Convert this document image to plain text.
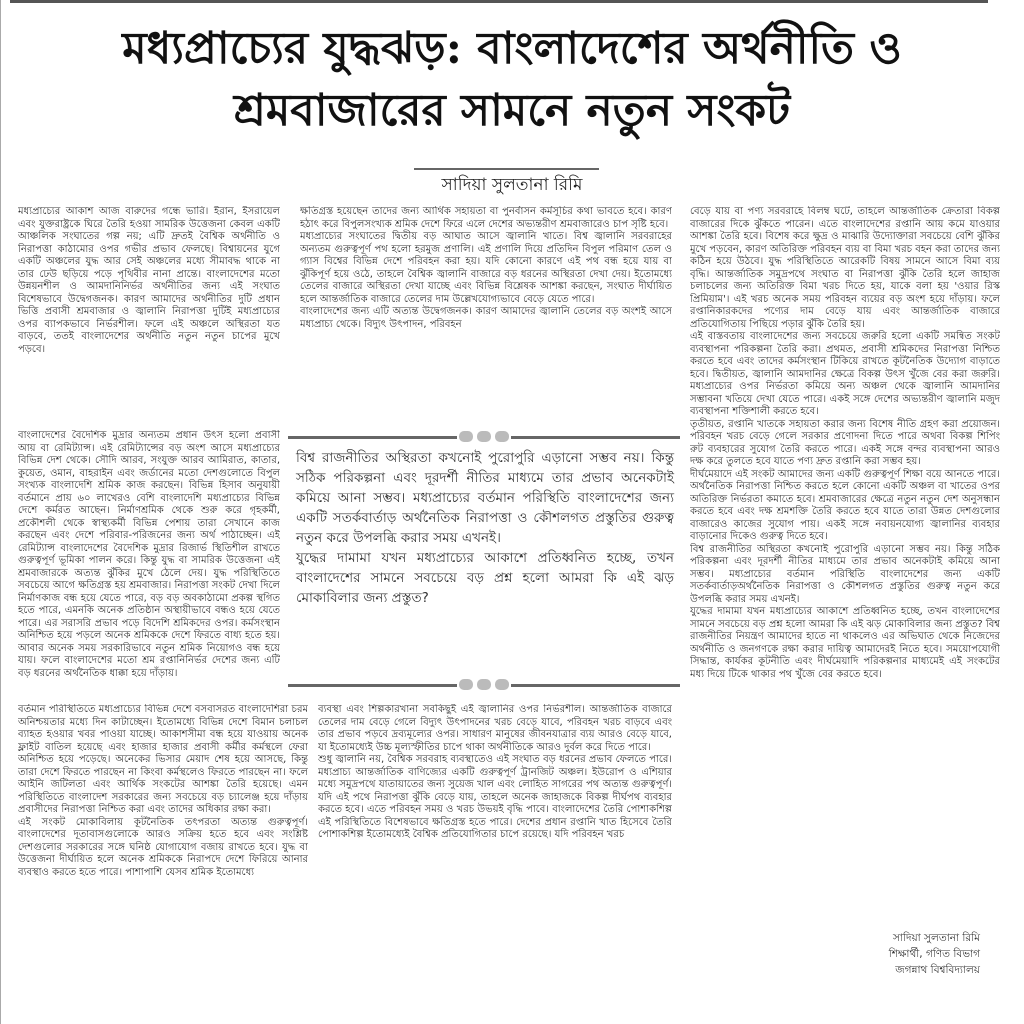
মধ্যপ্রাচ্যের যুদ্ধঝড়: বাংলাদেশের অর্থনীতি ও
শ্রমবাজারের সামনে নতুন সংকট
সাদিয়া সুলতানা রিমি

মধ্যপ্রাচ্যের আকাশ আজ বারুদের গন্ধে ভারি। ইরান, ইসরায়েল এবং যুক্তরাষ্ট্রকে ঘিরে তৈরি হওয়া সামরিক উত্তেজনা কেবল একটি আঞ্চলিক সংঘাতের গল্প নয়; এটি দ্রুতই বৈশ্বিক অর্থনীতি ও নিরাপত্তা কাঠামোর ওপর গভীর প্রভাব ফেলছে। বিশ্বায়নের যুগে একটি অঞ্চলের যুদ্ধ আর সেই অঞ্চলের মধ্যে সীমাবদ্ধ থাকে না তার ঢেউ ছড়িয়ে পড়ে পৃথিবীর নানা প্রান্তে। বাংলাদেশের মতো উন্নয়নশীল ও আমদানিনির্ভর অর্থনীতির জন্য এই সংঘাত বিশেষভাবে উদ্বেগজনক। কারণ আমাদের অর্থনীতির দুটি প্রধান ভিত্তি প্রবাসী শ্রমবাজার ও জ্বালানি নিরাপত্তা দুটিই মধ্যপ্রাচ্যের ওপর ব্যাপকভাবে নির্ভরশীল। ফলে এই অঞ্চলে অস্থিরতা যত বাড়বে, ততই বাংলাদেশের অর্থনীতি নতুন নতুন চাপের মুখে পড়বে।

বাংলাদেশের বৈদেশিক মুদ্রার অন্যতম প্রধান উৎস হলো প্রবাসী আয় বা রেমিট্যান্স। এই রেমিট্যান্সের বড় অংশ আসে মধ্যপ্রাচ্যের বিভিন্ন দেশ থেকে। সৌদি আরব, সংযুক্ত আরব আমিরাত, কাতার, কুয়েত, ওমান, বাহরাইন এবং জর্ডানের মতো দেশগুলোতে বিপুল সংখ্যক বাংলাদেশি শ্রমিক কাজ করছেন। বিভিন্ন হিসাব অনুযায়ী বর্তমানে প্রায় ৬০ লাখেরও বেশি বাংলাদেশি মধ্যপ্রাচ্যের বিভিন্ন দেশে কর্মরত আছেন। নির্মাণশ্রমিক থেকে শুরু করে গৃহকর্মী, প্রকৌশলী থেকে স্বাস্থ্যকর্মী বিভিন্ন পেশায় তারা সেখানে কাজ করছেন এবং দেশে পরিবার-পরিজনের জন্য অর্থ পাঠাচ্ছেন। এই রেমিট্যান্স বাংলাদেশের বৈদেশিক মুদ্রার রিজার্ভ স্থিতিশীল রাখতে গুরুত্বপূর্ণ ভূমিকা পালন করে। কিন্তু যুদ্ধ বা সামরিক উত্তেজনা এই শ্রমবাজারকে অত্যন্ত ঝুঁকির মুখে ঠেলে দেয়। যুদ্ধ পরিস্থিতিতে সবচেয়ে আগে ক্ষতিগ্রস্ত হয় শ্রমবাজার। নিরাপত্তা সংকট দেখা দিলে নির্মাণকাজ বন্ধ হয়ে যেতে পারে, বড় বড় অবকাঠামো প্রকল্প স্থগিত হতে পারে, এমনকি অনেক প্রতিষ্ঠান অস্থায়ীভাবে বন্ধও হয়ে যেতে পারে। এর সরাসরি প্রভাব পড়ে বিদেশি শ্রমিকদের ওপর। কর্মসংস্থান অনিশ্চিত হয়ে পড়লে অনেক শ্রমিককে দেশে ফিরতে বাধ্য হতে হয়। আবার অনেক সময় সরকারিভাবে নতুন শ্রমিক নিয়োগও বন্ধ হয়ে যায়। ফলে বাংলাদেশের মতো শ্রম রপ্তানিনির্ভর দেশের জন্য এটি বড় ধরনের অর্থনৈতিক ধাক্কা হয়ে দাঁড়ায়।

বর্তমান পরিস্থিতিতে মধ্যপ্রাচ্যের বিভিন্ন দেশে বসবাসরত বাংলাদেশিরা চরম অনিশ্চয়তার মধ্যে দিন কাটাচ্ছেন। ইতোমধ্যে বিভিন্ন দেশে বিমান চলাচল ব্যাহত হওয়ার খবর পাওয়া যাচ্ছে। আকাশসীমা বন্ধ হয়ে যাওয়ায় অনেক ফ্লাইট বাতিল হয়েছে এবং হাজার হাজার প্রবাসী কর্মীর কর্মস্থলে ফেরা অনিশ্চিত হয়ে পড়েছে। অনেকের ভিসার মেয়াদ শেষ হয়ে আসছে, কিন্তু তারা দেশে ফিরতে পারছেন না কিংবা কর্মস্থলেও ফিরতে পারছেন না। ফলে আইনি জটিলতা এবং আর্থিক সংকটের আশঙ্কা তৈরি হয়েছে। এমন পরিস্থিতিতে বাংলাদেশ সরকারের জন্য সবচেয়ে বড় চ্যালেঞ্জ হয়ে দাঁড়ায় প্রবাসীদের নিরাপত্তা নিশ্চিত করা এবং তাদের অধিকার রক্ষা করা।

এই সংকট মোকাবিলায় কূটনৈতিক তৎপরতা অত্যন্ত গুরুত্বপূর্ণ। বাংলাদেশের দূতাবাসগুলোকে আরও সক্রিয় হতে হবে এবং সংশ্লিষ্ট দেশগুলোর সরকারের সঙ্গে ঘনিষ্ঠ যোগাযোগ বজায় রাখতে হবে। যুদ্ধ বা উত্তেজনা দীর্ঘায়িত হলে অনেক শ্রমিককে নিরাপদে দেশে ফিরিয়ে আনার ব্যবস্থাও করতে হতে পারে। পাশাপাশি যেসব শ্রমিক ইতোমধ্যে

ক্ষতিগ্রস্ত হয়েছেন তাদের জন্য আর্থিক সহায়তা বা পুনর্বাসন কর্মসূচির কথা ভাবতে হবে। কারণ হঠাৎ করে বিপুলসংখ্যক শ্রমিক দেশে ফিরে এলে দেশের অভ্যন্তরীণ শ্রমবাজারেও চাপ সৃষ্টি হবে।

মধ্যপ্রাচ্যের সংঘাতের দ্বিতীয় বড় আঘাত আসে জ্বালানি খাতে। বিশ্ব জ্বালানি সরবরাহের অন্যতম গুরুত্বপূর্ণ পথ হলো হরমুজ প্রণালি। এই প্রণালি দিয়ে প্রতিদিন বিপুল পরিমাণ তেল ও গ্যাস বিশ্বের বিভিন্ন দেশে পরিবহন করা হয়। যদি কোনো কারণে এই পথ বন্ধ হয়ে যায় বা ঝুঁকিপূর্ণ হয়ে ওঠে, তাহলে বৈশ্বিক জ্বালানি বাজারে বড় ধরনের অস্থিরতা দেখা দেয়। ইতোমধ্যে তেলের বাজারে অস্থিরতা দেখা যাচ্ছে এবং বিভিন্ন বিশ্লেষক আশঙ্কা করছেন, সংঘাত দীর্ঘায়িত হলে আন্তর্জাতিক বাজারে তেলের দাম উল্লেখযোগ্যভাবে বেড়ে যেতে পারে।

বাংলাদেশের জন্য এটি অত্যন্ত উদ্বেগজনক। কারণ আমাদের জ্বালানি তেলের বড় অংশই আসে মধ্যপ্রাচ্য থেকে। বিদ্যুৎ উৎপাদন, পরিবহন

বিশ্ব রাজনীতির অস্থিরতা কখনোই পুরোপুরি এড়ানো সম্ভব নয়। কিন্তু সঠিক পরিকল্পনা এবং দূরদর্শী নীতির মাধ্যমে তার প্রভাব অনেকটাই কমিয়ে আনা সম্ভব। মধ্যপ্রাচ্যের বর্তমান পরিস্থিতি বাংলাদেশের জন্য একটি সতর্কবার্তাড় অর্থনৈতিক নিরাপত্তা ও কৌশলগত প্রস্তুতির গুরুত্ব নতুন করে উপলব্ধি করার সময় এখনই।

যুদ্ধের দামামা যখন মধ্যপ্রাচ্যের আকাশে প্রতিধ্বনিত হচ্ছে, তখন বাংলাদেশের সামনে সবচেয়ে বড় প্রশ্ন হলো আমরা কি এই ঝড় মোকাবিলার জন্য প্রস্তুত?

ব্যবস্থা এবং শিল্পকারখানা সবকিছুই এই জ্বালানির ওপর নির্ভরশীল। আন্তর্জাতিক বাজারে তেলের দাম বেড়ে গেলে বিদ্যুৎ উৎপাদনের খরচ বেড়ে যাবে, পরিবহন খরচ বাড়বে এবং তার প্রভাব পড়বে দ্রব্যমূল্যের ওপর। সাধারণ মানুষের জীবনযাত্রার ব্যয় আরও বেড়ে যাবে, যা ইতোমধ্যেই উচ্চ মূল্যস্ফীতির চাপে থাকা অর্থনীতিকে আরও দুর্বল করে দিতে পারে।

শুধু জ্বালানি নয়, বৈশ্বিক সরবরাহ ব্যবস্থাতেও এই সংঘাত বড় ধরনের প্রভাব ফেলতে পারে। মধ্যপ্রাচ্য আন্তর্জাতিক বাণিজ্যের একটি গুরুত্বপূর্ণ ট্রানজিট অঞ্চল। ইউরোপ ও এশিয়ার মধ্যে সমুদ্রপথে যাতায়াতের জন্য সুয়েজ খাল এবং লোহিত সাগরের পথ অত্যন্ত গুরুত্বপূর্ণ। যদি এই পথে নিরাপত্তা ঝুঁকি বেড়ে যায়, তাহলে অনেক জাহাজকে বিকল্প দীর্ঘপথ ব্যবহার করতে হবে। এতে পরিবহন সময় ও খরচ উভয়ই বৃদ্ধি পাবে। বাংলাদেশের তৈরি পোশাকশিল্প এই পরিস্থিতিতে বিশেষভাবে ক্ষতিগ্রস্ত হতে পারে। দেশের প্রধান রপ্তানি খাত হিসেবে তৈরি পোশাকশিল্প ইতোমধ্যেই বৈশ্বিক প্রতিযোগিতার চাপে রয়েছে। যদি পরিবহন খরচ

বেড়ে যায় বা পণ্য সরবরাহে বিলম্ব ঘটে, তাহলে আন্তর্জাতিক ক্রেতারা বিকল্প বাজারের দিকে ঝুঁকতে পারেন। এতে বাংলাদেশের রপ্তানি আয় কমে যাওয়ার আশঙ্কা তৈরি হবে। বিশেষ করে ক্ষুদ্র ও মাঝারি উদ্যোক্তারা সবচেয়ে বেশি ঝুঁকির মুখে পড়বেন, কারণ অতিরিক্ত পরিবহন ব্যয় বা বিমা খরচ বহন করা তাদের জন্য কঠিন হয়ে উঠবে। যুদ্ধ পরিস্থিতিতে আরেকটি বিষয় সামনে আসে বিমা ব্যয় বৃদ্ধি। আন্তর্জাতিক সমুদ্রপথে সংঘাত বা নিরাপত্তা ঝুঁকি তৈরি হলে জাহাজ চলাচলের জন্য অতিরিক্ত বিমা খরচ দিতে হয়, যাকে বলা হয় 'ওয়ার রিস্ক প্রিমিয়াম'। এই খরচ অনেক সময় পরিবহন ব্যয়ের বড় অংশ হয়ে দাঁড়ায়। ফলে রপ্তানিকারকদের পণ্যের দাম বেড়ে যায় এবং আন্তর্জাতিক বাজারে প্রতিযোগিতায় পিছিয়ে পড়ার ঝুঁকি তৈরি হয়।

এই বাস্তবতায় বাংলাদেশের জন্য সবচেয়ে জরুরি হলো একটি সমন্বিত সংকট ব্যবস্থাপনা পরিকল্পনা তৈরি করা। প্রথমত, প্রবাসী শ্রমিকদের নিরাপত্তা নিশ্চিত করতে হবে এবং তাদের কর্মসংস্থান টিকিয়ে রাখতে কূটনৈতিক উদ্যোগ বাড়াতে হবে। দ্বিতীয়ত, জ্বালানি আমদানির ক্ষেত্রে বিকল্প উৎস খুঁজে বের করা জরুরি। মধ্যপ্রাচ্যের ওপর নির্ভরতা কমিয়ে অন্য অঞ্চল থেকে জ্বালানি আমদানির সম্ভাবনা খতিয়ে দেখা যেতে পারে। একই সঙ্গে দেশের অভ্যন্তরীণ জ্বালানি মজুদ ব্যবস্থাপনা শক্তিশালী করতে হবে।

তৃতীয়ত, রপ্তানি খাতকে সহায়তা করার জন্য বিশেষ নীতি গ্রহণ করা প্রয়োজন। পরিবহন খরচ বেড়ে গেলে সরকার প্রণোদনা দিতে পারে অথবা বিকল্প শিপিং রুট ব্যবহারের সুযোগ তৈরি করতে পারে। একই সঙ্গে বন্দর ব্যবস্থাপনা আরও দক্ষ করে তুলতে হবে যাতে পণ্য দ্রুত রপ্তানি করা সম্ভব হয়।

দীর্ঘমেয়াদে এই সংকট আমাদের জন্য একটি গুরুত্বপূর্ণ শিক্ষা বয়ে আনতে পারে। অর্থনৈতিক নিরাপত্তা নিশ্চিত করতে হলে কোনো একটি অঞ্চল বা খাতের ওপর অতিরিক্ত নির্ভরতা কমাতে হবে। শ্রমবাজারের ক্ষেত্রে নতুন নতুন দেশ অনুসন্ধান করতে হবে এবং দক্ষ শ্রমশক্তি তৈরি করতে হবে যাতে তারা উন্নত দেশগুলোর বাজারেও কাজের সুযোগ পায়। একই সঙ্গে নবায়নযোগ্য জ্বালানির ব্যবহার বাড়ানোর দিকেও গুরুত্ব দিতে হবে।

বিশ্ব রাজনীতির অস্থিরতা কখনোই পুরোপুরি এড়ানো সম্ভব নয়। কিন্তু সঠিক পরিকল্পনা এবং দূরদর্শী নীতির মাধ্যমে তার প্রভাব অনেকটাই কমিয়ে আনা সম্ভব। মধ্যপ্রাচ্যের বর্তমান পরিস্থিতি বাংলাদেশের জন্য একটি সতর্কবার্তাড়অর্থনৈতিক নিরাপত্তা ও কৌশলগত প্রস্তুতির গুরুত্ব নতুন করে উপলব্ধি করার সময় এখনই।

যুদ্ধের দামামা যখন মধ্যপ্রাচ্যের আকাশে প্রতিধ্বনিত হচ্ছে, তখন বাংলাদেশের সামনে সবচেয়ে বড় প্রশ্ন হলো আমরা কি এই ঝড় মোকাবিলার জন্য প্রস্তুত? বিশ্ব রাজনীতির নিয়ন্ত্রণ আমাদের হাতে না থাকলেও এর অভিঘাত থেকে নিজেদের অর্থনীতি ও জনগণকে রক্ষা করার দায়িত্ব আমাদেরই নিতে হবে। সময়োপযোগী সিদ্ধান্ত, কার্যকর কূটনীতি এবং দীর্ঘমেয়াদি পরিকল্পনার মাধ্যমেই এই সংকটের মধ্য দিয়ে টিকে থাকার পথ খুঁজে বের করতে হবে।

সাদিয়া সুলতানা রিমি
শিক্ষার্থী, গণিত বিভাগ
জগন্নাথ বিশ্ববিদ্যালয়
